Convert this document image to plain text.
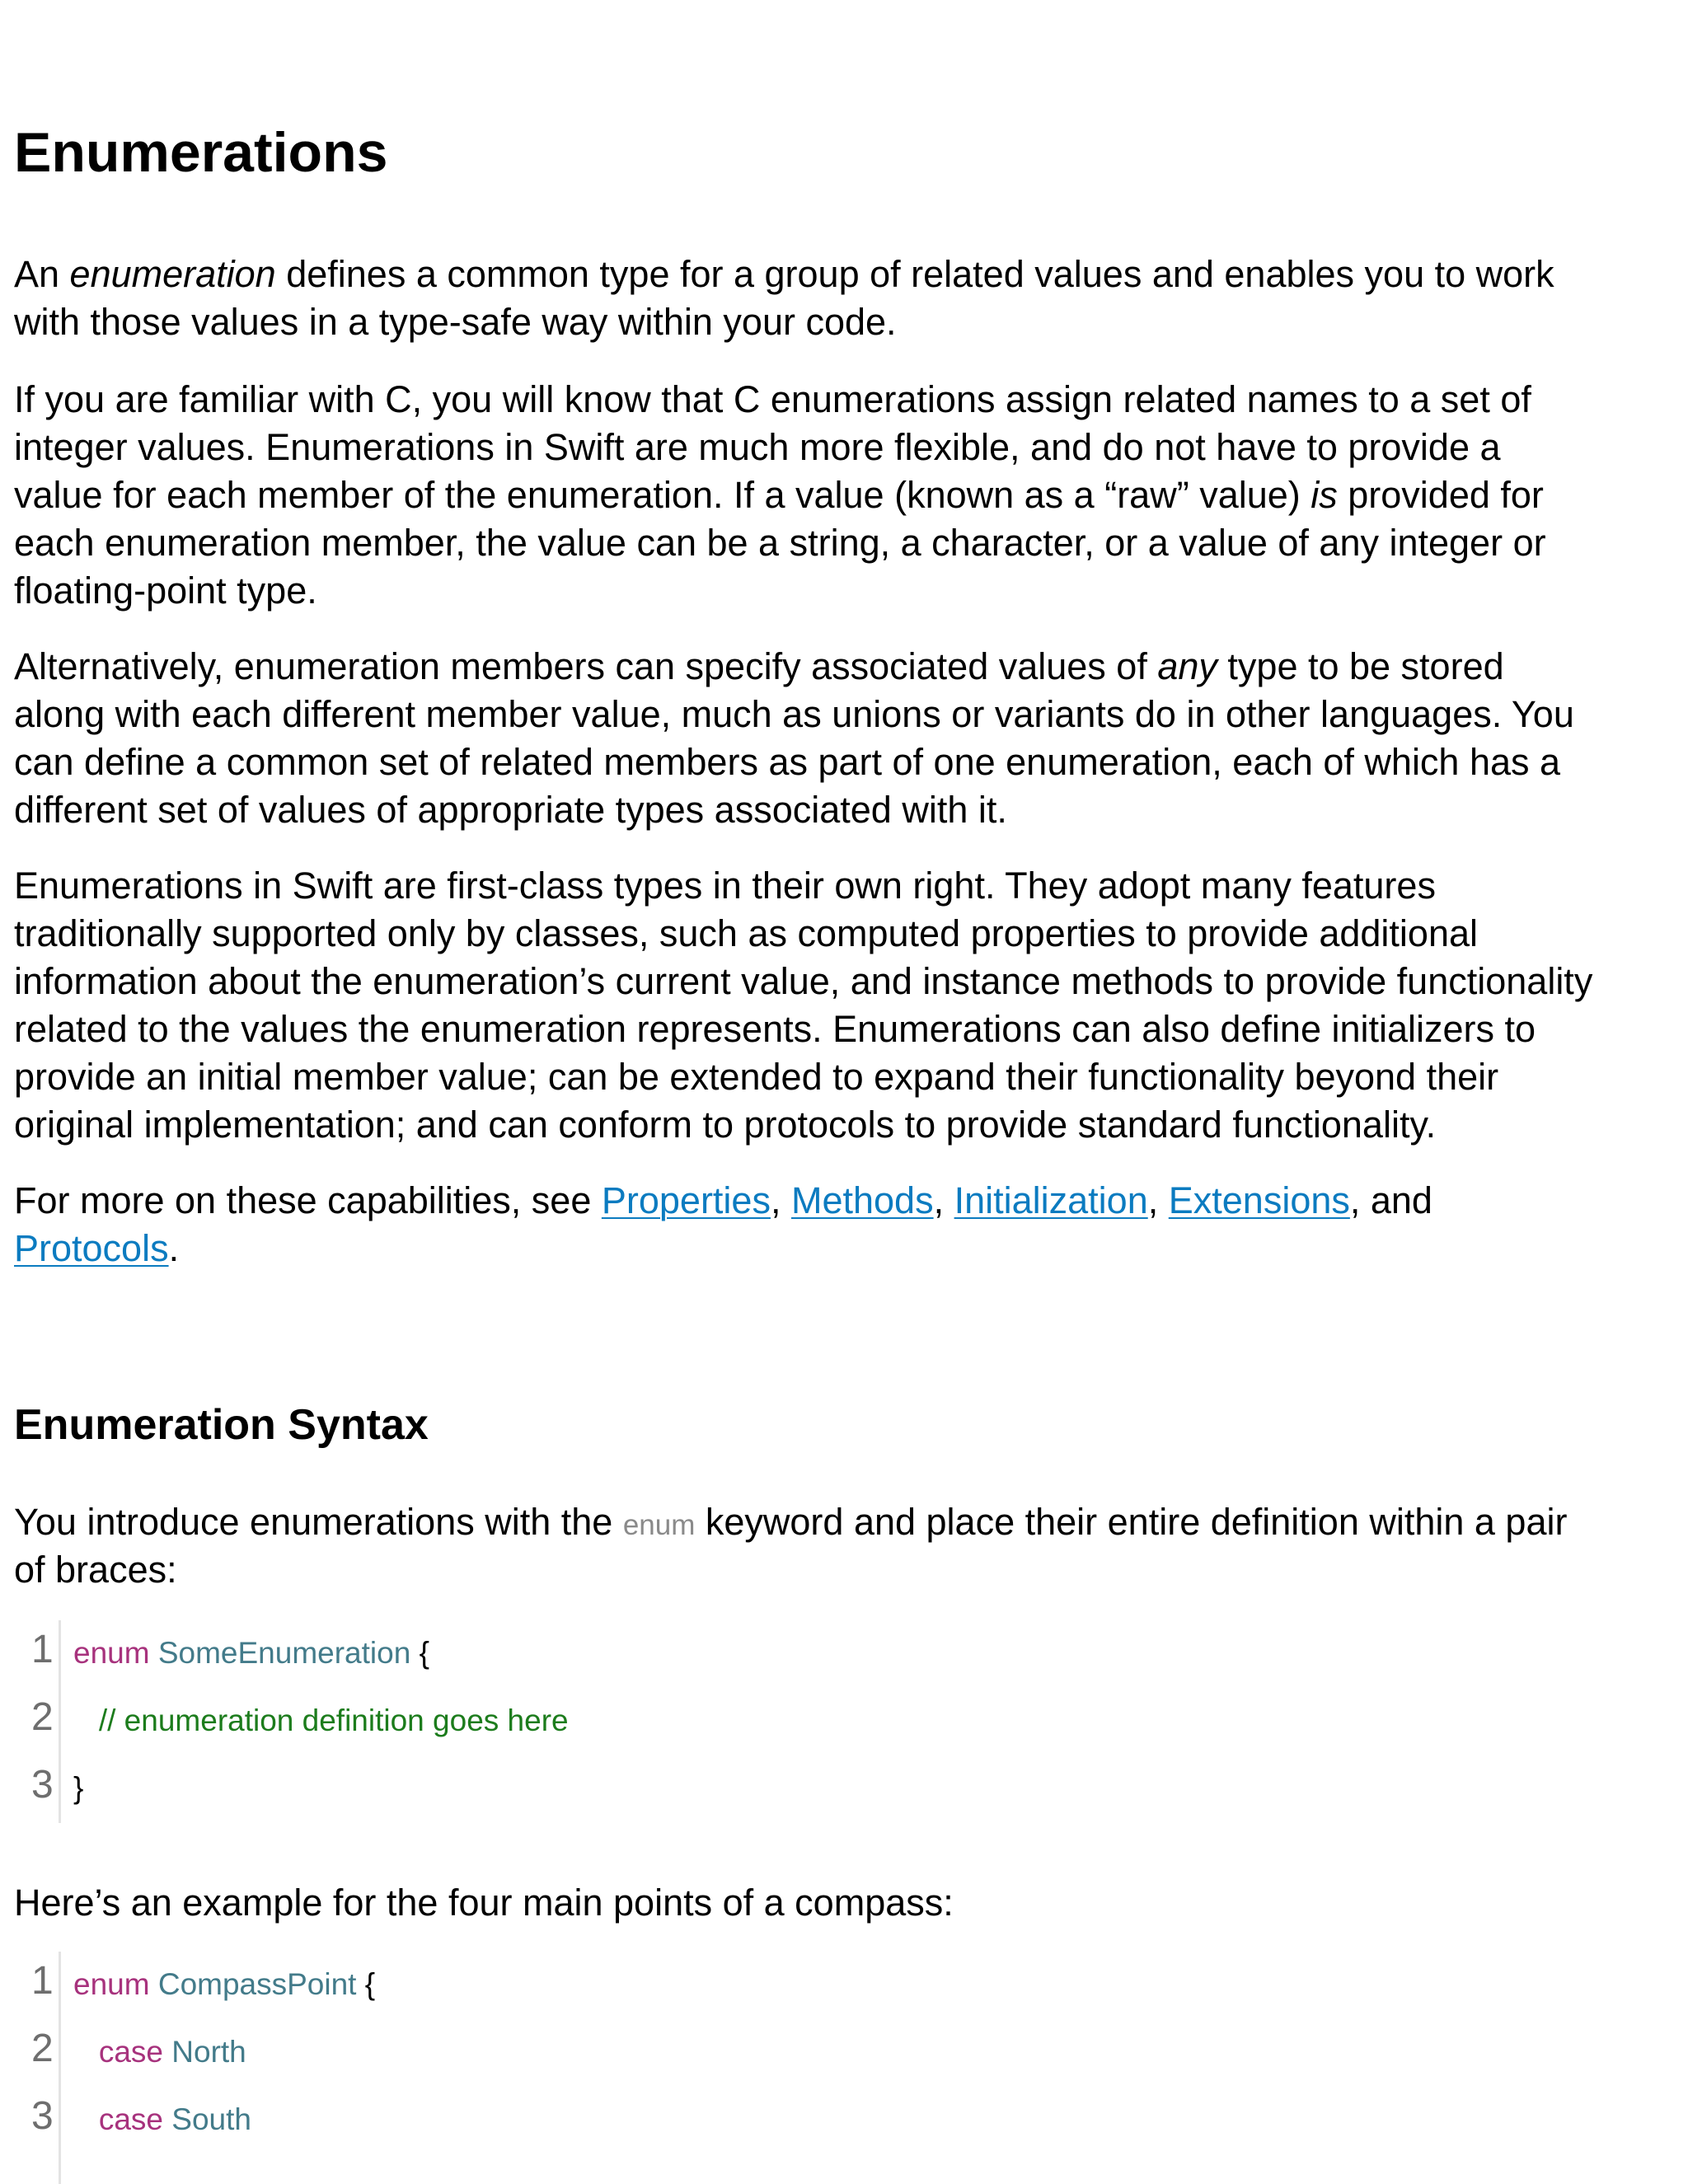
Enumerations
An enumeration defines a common type for a group of related values and enables you to work
with those values in a type-safe way within your code.
If you are familiar with C, you will know that C enumerations assign related names to a set of
integer values. Enumerations in Swift are much more flexible, and do not have to provide a
value for each member of the enumeration. If a value (known as a “raw” value) is provided for
each enumeration member, the value can be a string, a character, or a value of any integer or
floating-point type.
Alternatively, enumeration members can specify associated values of any type to be stored
along with each different member value, much as unions or variants do in other languages. You
can define a common set of related members as part of one enumeration, each of which has a
different set of values of appropriate types associated with it.
Enumerations in Swift are first-class types in their own right. They adopt many features
traditionally supported only by classes, such as computed properties to provide additional
information about the enumeration’s current value, and instance methods to provide functionality
related to the values the enumeration represents. Enumerations can also define initializers to
provide an initial member value; can be extended to expand their functionality beyond their
original implementation; and can conform to protocols to provide standard functionality.
For more on these capabilities, see Properties, Methods, Initialization, Extensions, and
Protocols.
Enumeration Syntax
You introduce enumerations with the enum keyword and place their entire definition within a pair
of braces:
1 enum SomeEnumeration {
2	// enumeration definition goes here
3 }
Here’s an example for the four main points of a compass:
1 enum CompassPoint {
2	case North
3	case South
